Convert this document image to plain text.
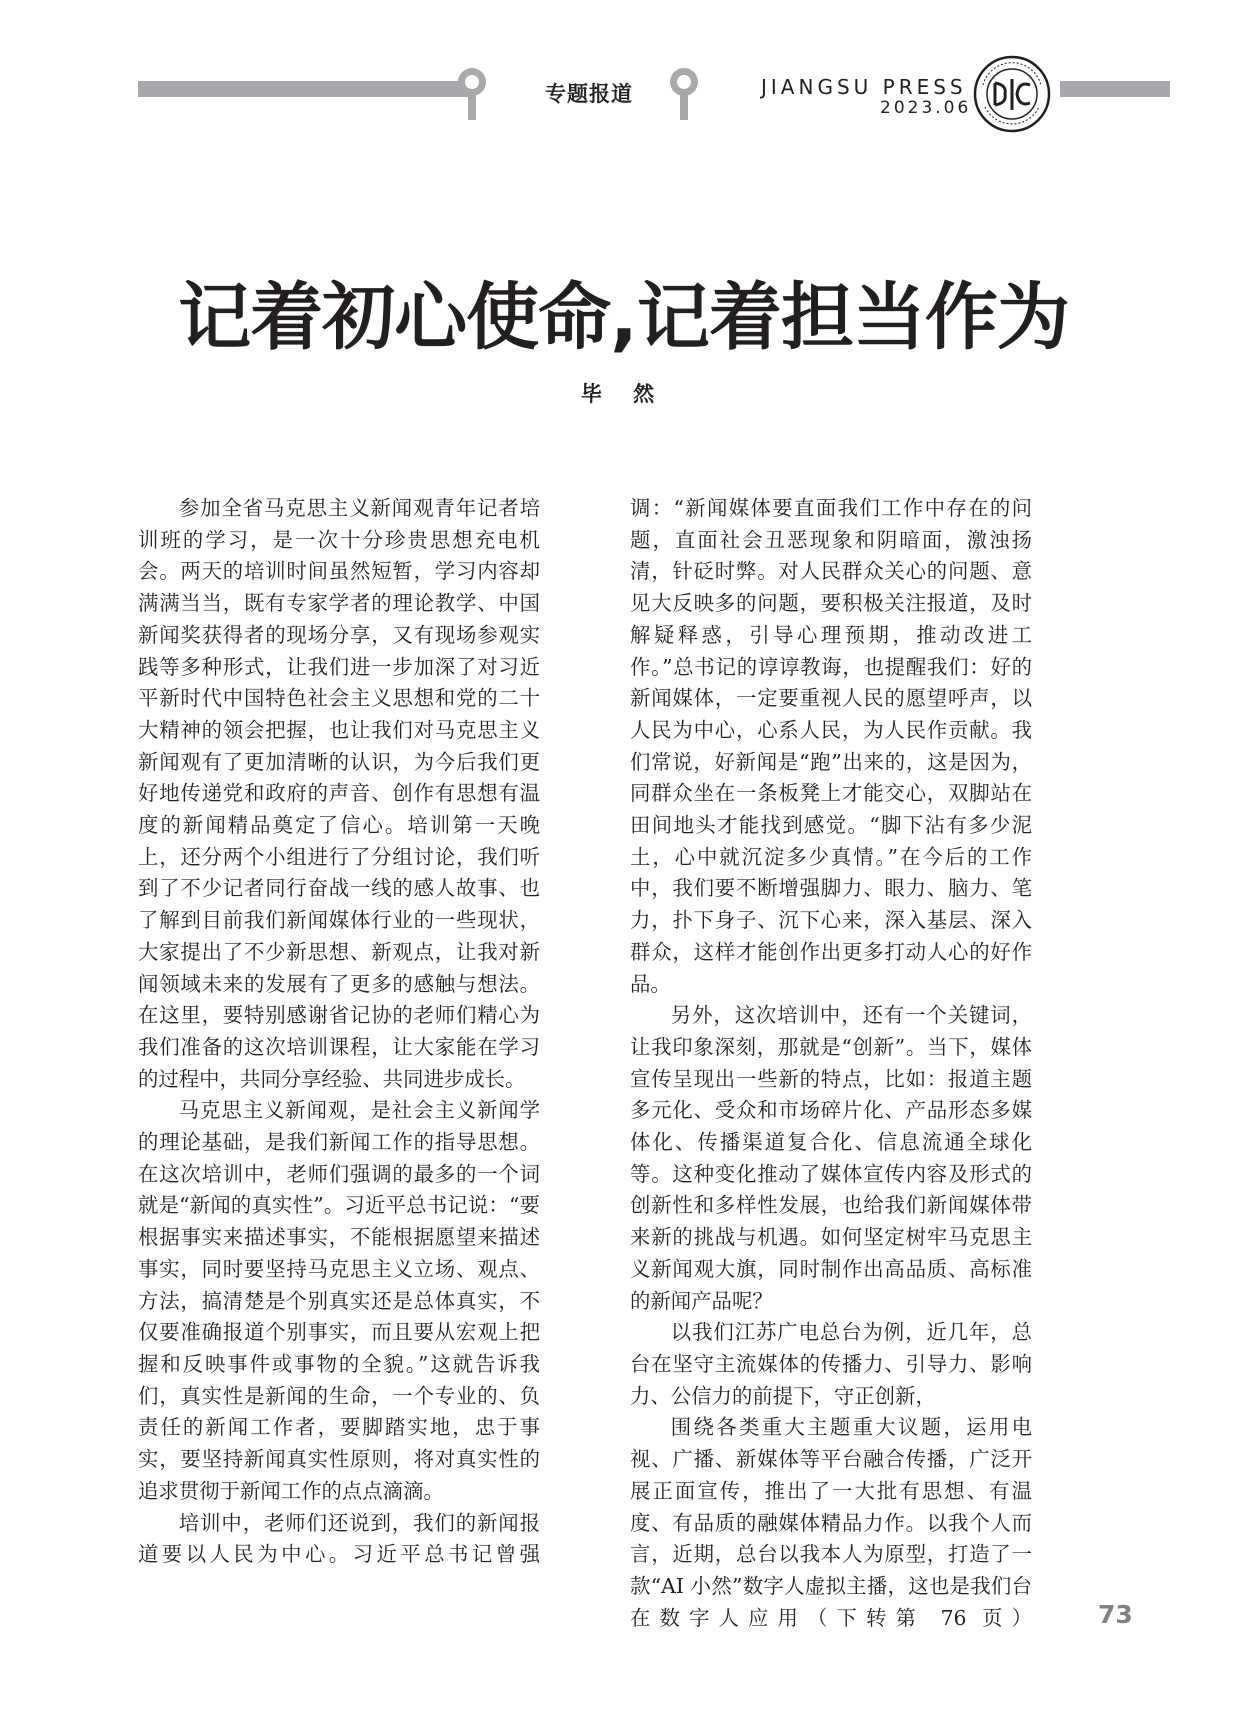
专题报道	JIANGSU PRESS
2023.06
记着初心使命,记着担当作为
毕 然

参加全省马克思主义新闻观青年记者培训班的学习，是一次十分珍贵思想充电机会。两天的培训时间虽然短暂，学习内容却满满当当，既有专家学者的理论教学、中国新闻奖获得者的现场分享，又有现场参观实践等多种形式，让我们进一步加深了对习近平新时代中国特色社会主义思想和党的二十大精神的领会把握，也让我们对马克思主义新闻观有了更加清晰的认识，为今后我们更好地传递党和政府的声音、创作有思想有温度的新闻精品奠定了信心。培训第一天晚上，还分两个小组进行了分组讨论，我们听到了不少记者同行奋战一线的感人故事、也了解到目前我们新闻媒体行业的一些现状，大家提出了不少新思想、新观点，让我对新闻领域未来的发展有了更多的感触与想法。在这里，要特别感谢省记协的老师们精心为我们准备的这次培训课程，让大家能在学习的过程中，共同分享经验、共同进步成长。

马克思主义新闻观，是社会主义新闻学的理论基础，是我们新闻工作的指导思想。在这次培训中，老师们强调的最多的一个词就是“新闻的真实性”。习近平总书记说：“要根据事实来描述事实，不能根据愿望来描述事实，同时要坚持马克思主义立场、观点、方法，搞清楚是个别真实还是总体真实，不仅要准确报道个别事实，而且要从宏观上把握和反映事件或事物的全貌。”这就告诉我们，真实性是新闻的生命，一个专业的、负责任的新闻工作者，要脚踏实地，忠于事实，要坚持新闻真实性原则，将对真实性的追求贯彻于新闻工作的点点滴滴。

培训中，老师们还说到，我们的新闻报道要以人民为中心。习近平总书记曾强

调：“新闻媒体要直面我们工作中存在的问题，直面社会丑恶现象和阴暗面，激浊扬清，针砭时弊。对人民群众关心的问题、意见大反映多的问题，要积极关注报道，及时解疑释惑，引导心理预期，推动改进工作。”总书记的谆谆教诲，也提醒我们：好的新闻媒体，一定要重视人民的愿望呼声，以人民为中心，心系人民，为人民作贡献。我们常说，好新闻是“跑”出来的，这是因为，同群众坐在一条板凳上才能交心，双脚站在田间地头才能找到感觉。“脚下沾有多少泥土，心中就沉淀多少真情。”在今后的工作中，我们要不断增强脚力、眼力、脑力、笔力，扑下身子、沉下心来，深入基层、深入群众，这样才能创作出更多打动人心的好作品。

另外，这次培训中，还有一个关键词，让我印象深刻，那就是“创新”。当下，媒体宣传呈现出一些新的特点，比如：报道主题多元化、受众和市场碎片化、产品形态多媒体化、传播渠道复合化、信息流通全球化等。这种变化推动了媒体宣传内容及形式的创新性和多样性发展，也给我们新闻媒体带来新的挑战与机遇。如何坚定树牢马克思主义新闻观大旗，同时制作出高品质、高标准的新闻产品呢？

以我们江苏广电总台为例，近几年，总台在坚守主流媒体的传播力、引导力、影响力、公信力的前提下，守正创新，

围绕各类重大主题重大议题，运用电视、广播、新媒体等平台融合传播，广泛开展正面宣传，推出了一大批有思想、有温度、有品质的融媒体精品力作。以我个人而言，近期，总台以我本人为原型，打造了一款“AI 小然”数字人虚拟主播，这也是我们台在数字人应用（下转第 76 页）	73
